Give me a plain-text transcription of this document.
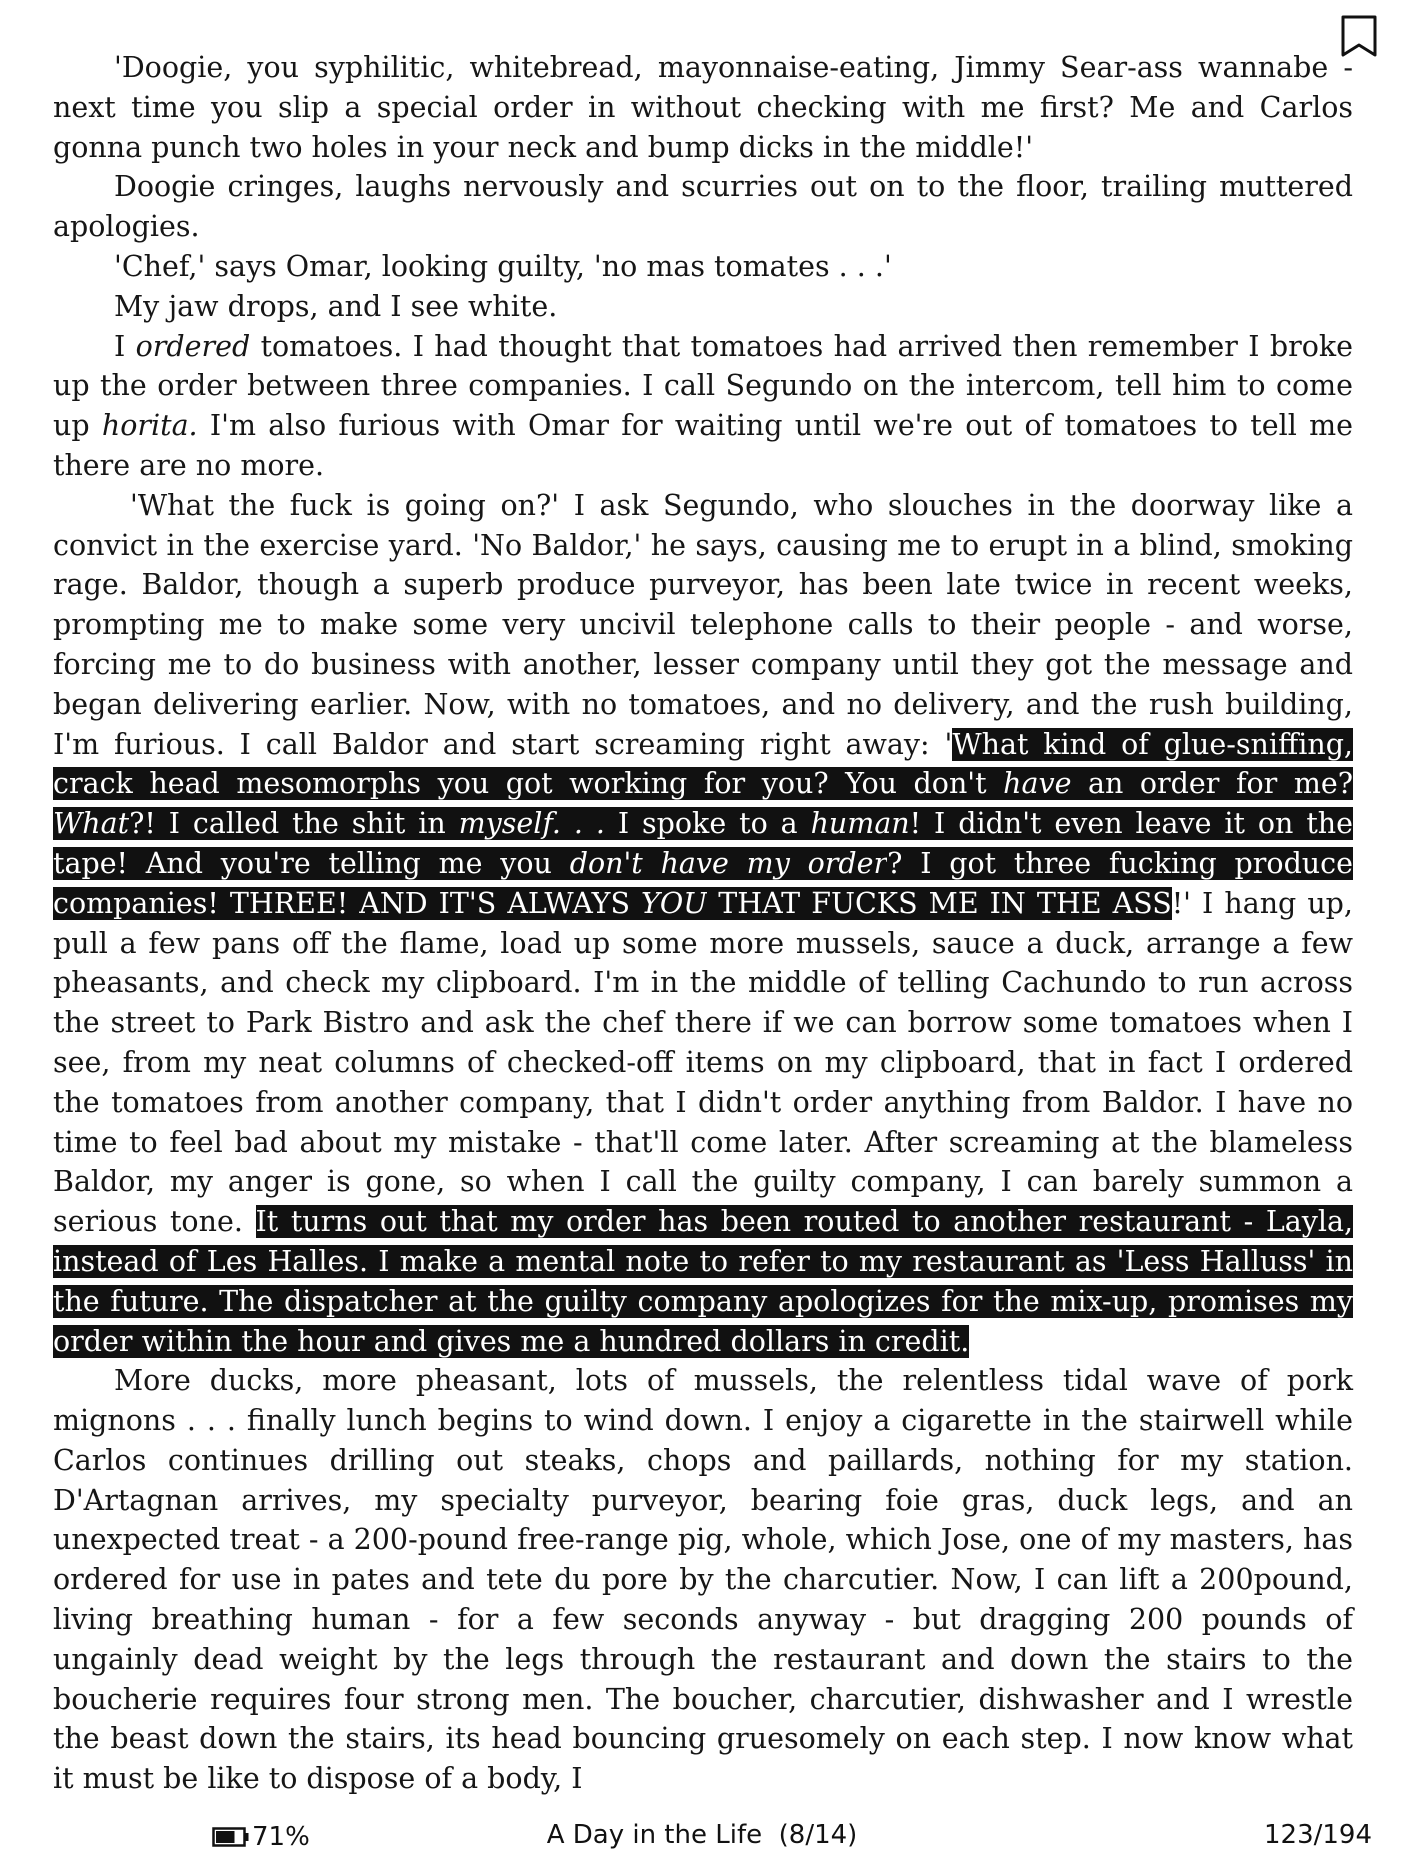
'Doogie, you syphilitic, whitebread, mayonnaise-eating, Jimmy Sear-ass wannabe - next time you slip a special order in without checking with me first? Me and Carlos gonna punch two holes in your neck and bump dicks in the middle!'

Doogie cringes, laughs nervously and scurries out on to the floor, trailing muttered apologies.

'Chef,' says Omar, looking guilty, 'no mas tomates . . .'

My jaw drops, and I see white.

I ordered tomatoes. I had thought that tomatoes had arrived then remember I broke up the order between three companies. I call Segundo on the intercom, tell him to come up horita. I'm also furious with Omar for waiting until we're out of tomatoes to tell me there are no more.

'What the fuck is going on?' I ask Segundo, who slouches in the doorway like a convict in the exercise yard. 'No Baldor,' he says, causing me to erupt in a blind, smoking rage. Baldor, though a superb produce purveyor, has been late twice in recent weeks, prompting me to make some very uncivil telephone calls to their people - and worse, forcing me to do business with another, lesser company until they got the message and began delivering earlier. Now, with no tomatoes, and no delivery, and the rush building, I'm furious. I call Baldor and start screaming right away: 'What kind of glue-sniffing, crack head mesomorphs you got working for you? You don't have an order for me? What?! I called the shit in myself. . . I spoke to a human! I didn't even leave it on the tape! And you're telling me you don't have my order? I got three fucking produce companies! THREE! AND IT'S ALWAYS YOU THAT FUCKS ME IN THE ASS!' I hang up, pull a few pans off the flame, load up some more mussels, sauce a duck, arrange a few pheasants, and check my clipboard. I'm in the middle of telling Cachundo to run across the street to Park Bistro and ask the chef there if we can borrow some tomatoes when I see, from my neat columns of checked-off items on my clipboard, that in fact I ordered the tomatoes from another company, that I didn't order anything from Baldor. I have no time to feel bad about my mistake - that'll come later. After screaming at the blameless Baldor, my anger is gone, so when I call the guilty company, I can barely summon a serious tone. It turns out that my order has been routed to another restaurant - Layla, instead of Les Halles. I make a mental note to refer to my restaurant as 'Less Halluss' in the future. The dispatcher at the guilty company apologizes for the mix-up, promises my order within the hour and gives me a hundred dollars in credit.

More ducks, more pheasant, lots of mussels, the relentless tidal wave of pork mignons . . . finally lunch begins to wind down. I enjoy a cigarette in the stairwell while Carlos continues drilling out steaks, chops and paillards, nothing for my station. D'Artagnan arrives, my specialty purveyor, bearing foie gras, duck legs, and an unexpected treat - a 200-pound free-range pig, whole, which Jose, one of my masters, has ordered for use in pates and tete du pore by the charcutier. Now, I can lift a 200pound, living breathing human - for a few seconds anyway - but dragging 200 pounds of ungainly dead weight by the legs through the restaurant and down the stairs to the boucherie requires four strong men. The boucher, charcutier, dishwasher and I wrestle the beast down the stairs, its head bouncing gruesomely on each step. I now know what it must be like to dispose of a body, I

71%	A Day in the Life  (8/14)	123/194
